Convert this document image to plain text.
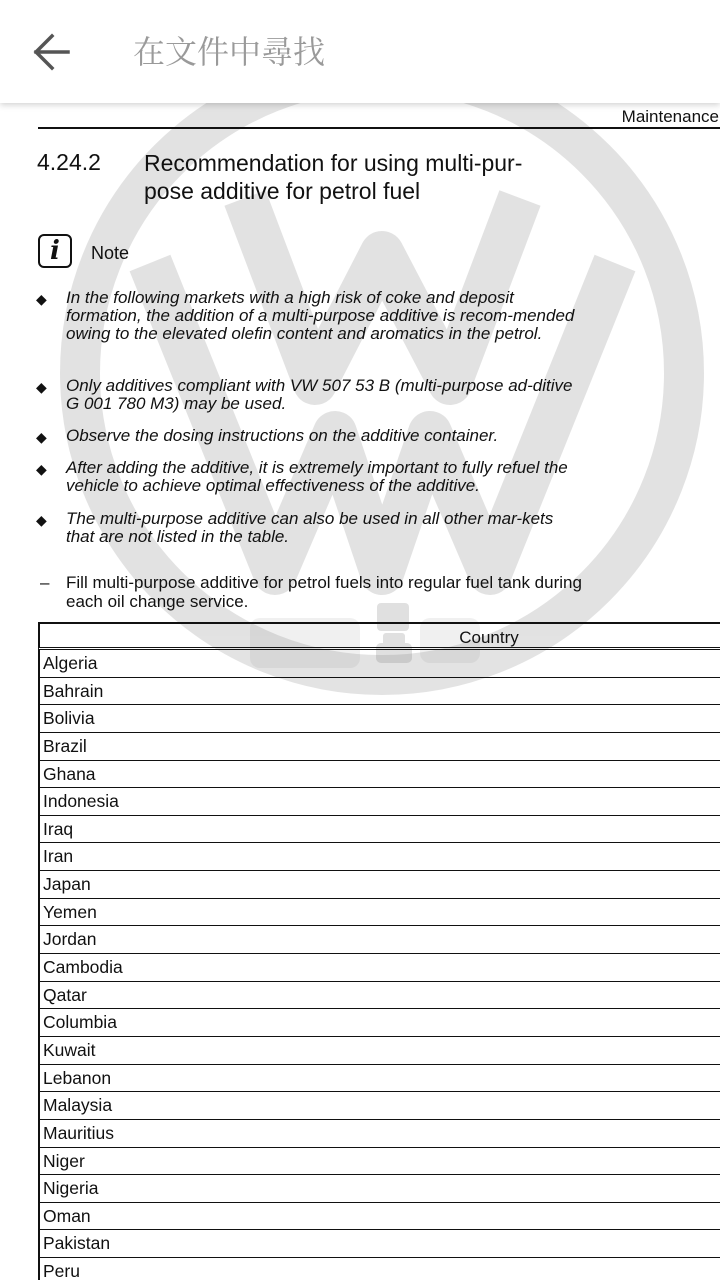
在文件中尋找
Maintenance
4.24.2 Recommendation for using multi-pur-pose additive for petrol fuel
i	Note
◆ In the following markets with a high risk of coke and deposit formation, the addition of a multi-purpose additive is recom-mended owing to the elevated olefin content and aromatics in the petrol.
◆ Only additives compliant with VW 507 53 B (multi-purpose ad-ditive G 001 780 M3) may be used.
◆ Observe the dosing instructions on the additive container.
◆ After adding the additive, it is extremely important to fully refuel the vehicle to achieve optimal effectiveness of the additive.
◆ The multi-purpose additive can also be used in all other mar-kets that are not listed in the table.
– Fill multi-purpose additive for petrol fuels into regular fuel tank during each oil change service.
Country
Algeria
Bahrain
Bolivia
Brazil
Ghana
Indonesia
Iraq
Iran
Japan
Yemen
Jordan
Cambodia
Qatar
Columbia
Kuwait
Lebanon
Malaysia
Mauritius
Niger
Nigeria
Oman
Pakistan
Peru
